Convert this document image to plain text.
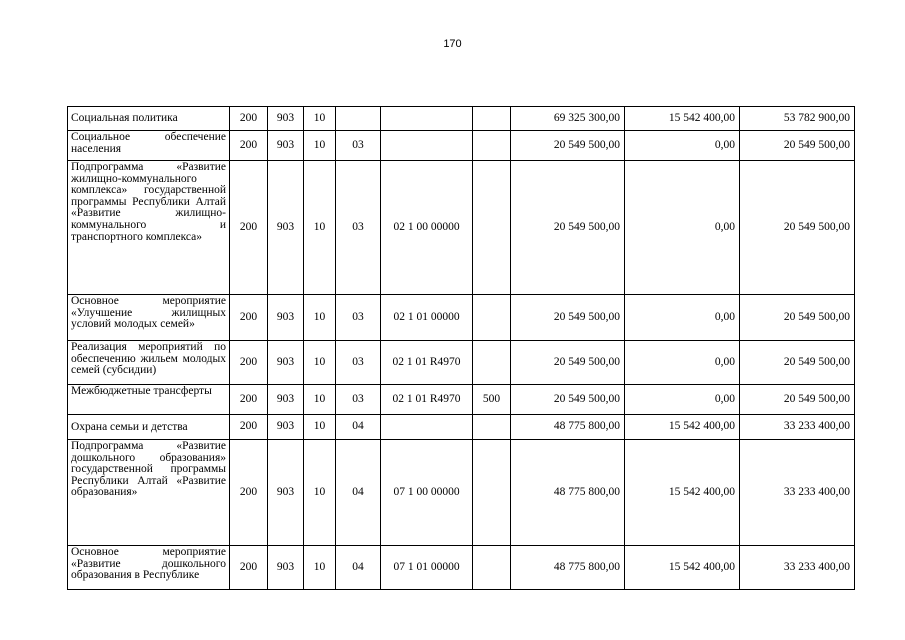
170
Социальная политика	200	903	10				69 325 300,00	15 542 400,00	53 782 900,00
Социальное обеспечение населения	200	903	10	03			20 549 500,00	0,00	20 549 500,00
Подпрограмма «Развитие жилищно-коммунального комплекса» государственной программы Республики Алтай «Развитие жилищно-коммунального и транспортного комплекса»	200	903	10	03	02 1 00 00000		20 549 500,00	0,00	20 549 500,00
Основное мероприятие «Улучшение жилищных условий молодых семей»	200	903	10	03	02 1 01 00000		20 549 500,00	0,00	20 549 500,00
Реализация мероприятий по обеспечению жильем молодых семей (субсидии)	200	903	10	03	02 1 01 R4970		20 549 500,00	0,00	20 549 500,00
Межбюджетные трансферты	200	903	10	03	02 1 01 R4970	500	20 549 500,00	0,00	20 549 500,00
Охрана семьи и детства	200	903	10	04			48 775 800,00	15 542 400,00	33 233 400,00
Подпрограмма «Развитие дошкольного образования» государственной программы Республики Алтай «Развитие образования»	200	903	10	04	07 1 00 00000		48 775 800,00	15 542 400,00	33 233 400,00
Основное мероприятие «Развитие дошкольного образования в Республике	200	903	10	04	07 1 01 00000		48 775 800,00	15 542 400,00	33 233 400,00
